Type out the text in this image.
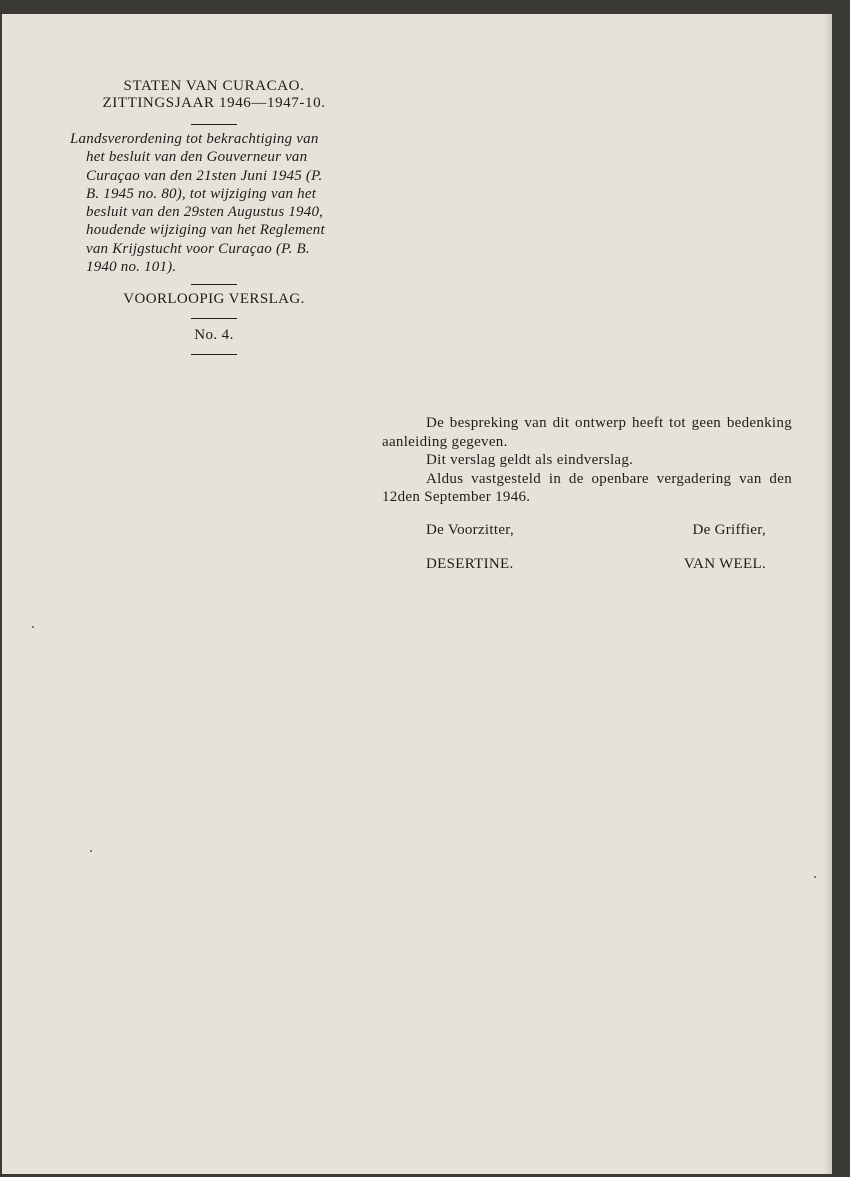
STATEN VAN CURACAO.
ZITTINGSJAAR 1946—1947-10.
Landsverordening tot bekrachtiging van
het besluit van den Gouverneur van
Curaçao van den 21sten Juni 1945 (P.
B. 1945 no. 80), tot wijziging van het
besluit van den 29sten Augustus 1940,
houdende wijziging van het Reglement
van Krijgstucht voor Curaçao (P. B.
1940 no. 101).
VOORLOOPIG VERSLAG.
No. 4.

De bespreking van dit ontwerp heeft tot geen bedenking aanleiding gegeven.

Dit verslag geldt als eindverslag.

Aldus vastgesteld in de openbare vergadering van den 12den September 1946.

De Voorzitter,	De Griffier,
DESERTINE.	VAN WEEL.
